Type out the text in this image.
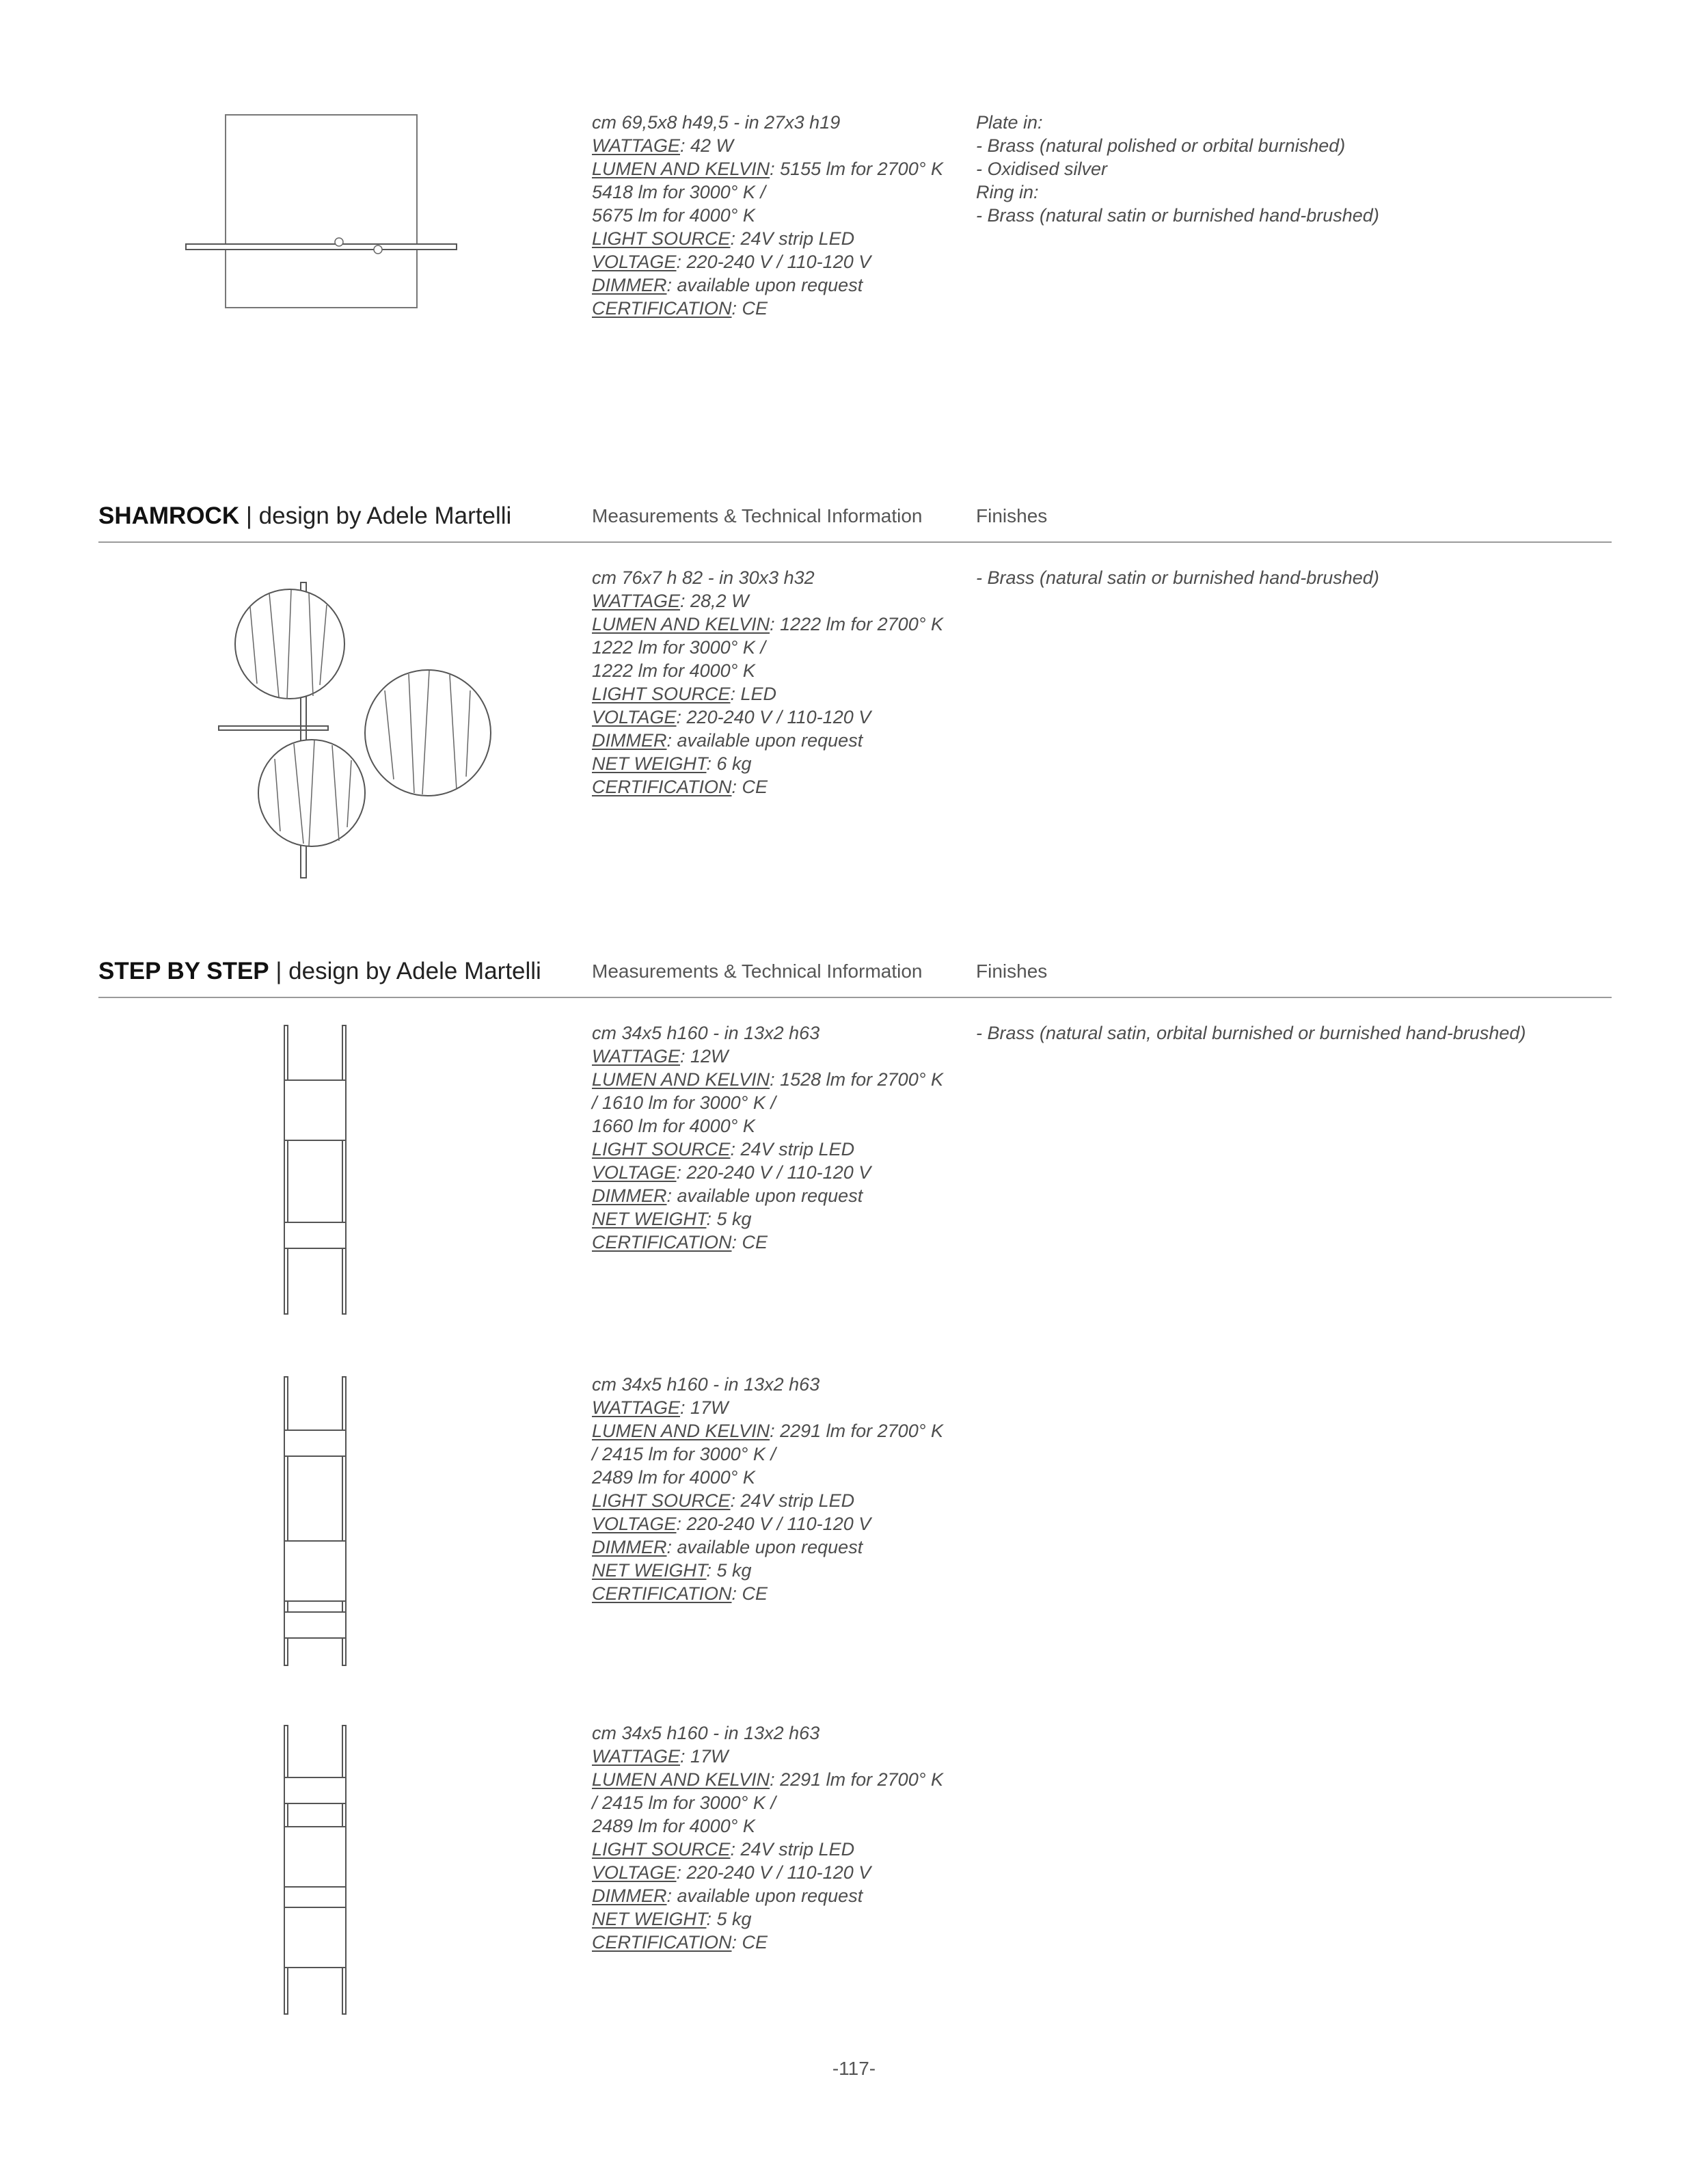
cm 69,5x8 h49,5 - in 27x3 h19
WATTAGE: 42 W
LUMEN AND KELVIN: 5155 lm for 2700° K
5418 lm for 3000° K /
5675 lm for 4000° K
LIGHT SOURCE: 24V strip LED
VOLTAGE: 220-240 V / 110-120 V
DIMMER: available upon request
CERTIFICATION: CE
Plate in:
- Brass (natural polished or orbital burnished)
- Oxidised silver
Ring in:
- Brass (natural satin or burnished hand-brushed)
SHAMROCK | design by Adele Martelli	Measurements & Technical Information	Finishes
cm 76x7 h 82 - in 30x3 h32
WATTAGE: 28,2 W
LUMEN AND KELVIN: 1222 lm for 2700° K
1222 lm for 3000° K /
1222 lm for 4000° K
LIGHT SOURCE: LED
VOLTAGE: 220-240 V / 110-120 V
DIMMER: available upon request
NET WEIGHT: 6 kg
CERTIFICATION: CE
- Brass (natural satin or burnished hand-brushed)
STEP BY STEP | design by Adele Martelli	Measurements & Technical Information	Finishes
cm 34x5 h160 - in 13x2 h63
WATTAGE: 12W
LUMEN AND KELVIN: 1528 lm for 2700° K
/ 1610 lm for 3000° K /
1660 lm for 4000° K
LIGHT SOURCE: 24V strip LED
VOLTAGE: 220-240 V / 110-120 V
DIMMER: available upon request
NET WEIGHT: 5 kg
CERTIFICATION: CE
- Brass (natural satin, orbital burnished or burnished hand-brushed)
cm 34x5 h160 - in 13x2 h63
WATTAGE: 17W
LUMEN AND KELVIN: 2291 lm for 2700° K
/ 2415 lm for 3000° K /
2489 lm for 4000° K
LIGHT SOURCE: 24V strip LED
VOLTAGE: 220-240 V / 110-120 V
DIMMER: available upon request
NET WEIGHT: 5 kg
CERTIFICATION: CE
cm 34x5 h160 - in 13x2 h63
WATTAGE: 17W
LUMEN AND KELVIN: 2291 lm for 2700° K
/ 2415 lm for 3000° K /
2489 lm for 4000° K
LIGHT SOURCE: 24V strip LED
VOLTAGE: 220-240 V / 110-120 V
DIMMER: available upon request
NET WEIGHT: 5 kg
CERTIFICATION: CE
-117-
